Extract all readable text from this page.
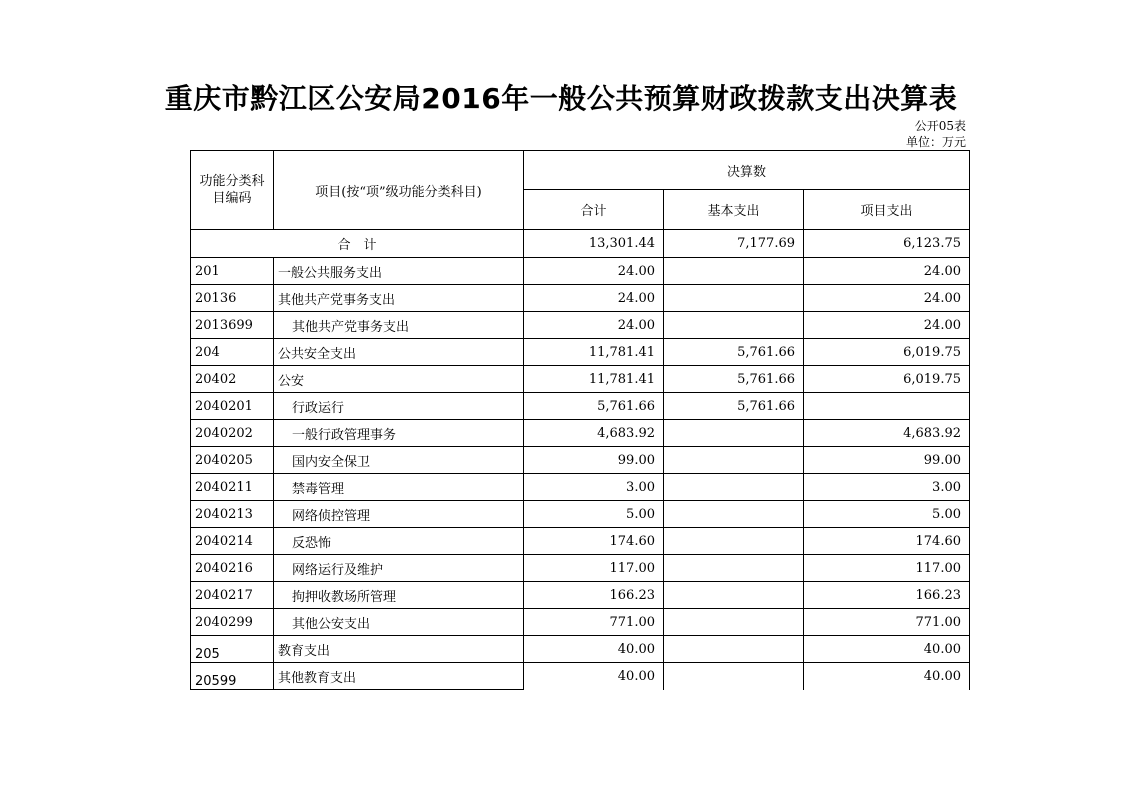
重庆市黔江区公安局2016年一般公共预算财政拨款支出决算表
公开05表
单位：万元
功能分类科目编码	项目(按“项”级功能分类科目)	决算数		
		合计	基本支出	项目支出
合　计		13,301.44	7,177.69	6,123.75
201	一般公共服务支出	24.00		24.00
20136	其他共产党事务支出	24.00		24.00
2013699	其他共产党事务支出	24.00		24.00
204	公共安全支出	11,781.41	5,761.66	6,019.75
20402	公安	11,781.41	5,761.66	6,019.75
2040201	行政运行	5,761.66	5,761.66	
2040202	一般行政管理事务	4,683.92		4,683.92
2040205	国内安全保卫	99.00		99.00
2040211	禁毒管理	3.00		3.00
2040213	网络侦控管理	5.00		5.00
2040214	反恐怖	174.60		174.60
2040216	网络运行及维护	117.00		117.00
2040217	拘押收教场所管理	166.23		166.23
2040299	其他公安支出	771.00		771.00
205	教育支出	40.00		40.00
20599	其他教育支出	40.00		40.00
